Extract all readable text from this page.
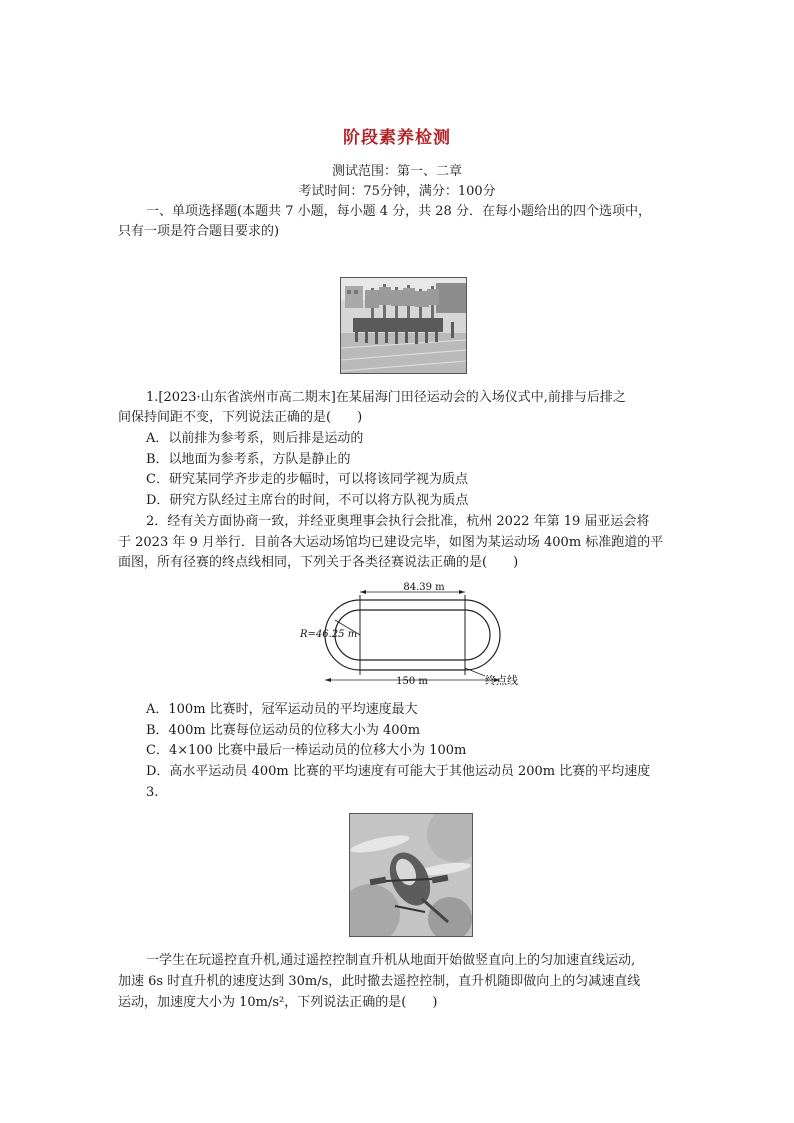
阶段素养检测
测试范围：第一、二章
考试时间：75分钟，满分：100分
一、单项选择题(本题共 7 小题，每小题 4 分，共 28 分．在每小题给出的四个选项中，
只有一项是符合题目要求的)
1.[2023·山东省滨州市高二期末]在某届海门田径运动会的入场仪式中,前排与后排之
间保持间距不变，下列说法正确的是(　　)
A．以前排为参考系，则后排是运动的
B．以地面为参考系，方队是静止的
C．研究某同学齐步走的步幅时，可以将该同学视为质点
D．研究方队经过主席台的时间，不可以将方队视为质点
2．经有关方面协商一致，并经亚奥理事会执行会批准，杭州 2022 年第 19 届亚运会将
于 2023 年 9 月举行．目前各大运动场馆均已建设完毕，如图为某运动场 400m 标准跑道的平
面图，所有径赛的终点线相同，下列关于各类径赛说法正确的是(　　)
84.39 m
150 m
R=46.25 m
终点线
A．100m 比赛时，冠军运动员的平均速度最大
B．400m 比赛每位运动员的位移大小为 400m
C．4×100 比赛中最后一棒运动员的位移大小为 100m
D．高水平运动员 400m 比赛的平均速度有可能大于其他运动员 200m 比赛的平均速度
3.
一学生在玩遥控直升机,通过遥控控制直升机从地面开始做竖直向上的匀加速直线运动,
加速 6s 时直升机的速度达到 30m/s，此时撤去遥控控制，直升机随即做向上的匀减速直线
运动，加速度大小为 10m/s²，下列说法正确的是(　　)
